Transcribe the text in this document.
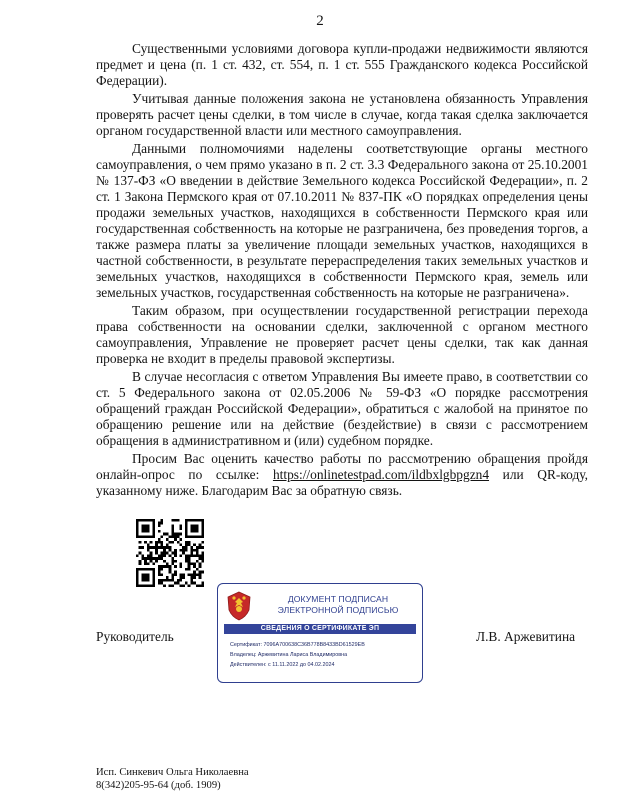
2

Существенными условиями договора купли-продажи недвижимости являются предмет и цена (п. 1 ст. 432, ст. 554, п. 1 ст. 555 Гражданского кодекса Российской Федерации).

Учитывая данные положения закона не установлена обязанность Управления проверять расчет цены сделки, в том числе в случае, когда такая сделка заключается органом государственной власти или местного самоуправления.

Данными полномочиями наделены соответствующие органы местного самоуправления, о чем прямо указано в п. 2 ст. 3.3 Федерального закона от 25.10.2001 № 137-ФЗ «О введении в действие Земельного кодекса Российской Федерации», п. 2 ст. 1 Закона Пермского края от 07.10.2011 № 837-ПК «О порядках определения цены продажи земельных участков, находящихся в собственности Пермского края или государственная собственность на которые не разграничена, без проведения торгов, а также размера платы за увеличение площади земельных участков, находящихся в частной собственности, в результате перераспределения таких земельных участков и земельных участков, находящихся в собственности Пермского края, земель или земельных участков, государственная собственность на которые не разграничена».

Таким образом, при осуществлении государственной регистрации перехода права собственности на основании сделки, заключенной с органом местного самоуправления, Управление не проверяет расчет цены сделки, так как данная проверка не входит в пределы правовой экспертизы.

В случае несогласия с ответом Управления Вы имеете право, в соответствии со ст. 5 Федерального закона от 02.05.2006 № 59-ФЗ «О порядке рассмотрения обращений граждан Российской Федерации», обратиться с жалобой на принятое по обращению решение или на действие (бездействие) в связи с рассмотрением обращения в административном и (или) судебном порядке.

Просим Вас оценить качество работы по рассмотрению обращения пройдя онлайн-опрос по ссылке: https://onlinetestpad.com/ildbxlgbpgzn4 или QR-коду, указанному ниже. Благодарим Вас за обратную связь.

ДОКУМЕНТ ПОДПИСАН
ЭЛЕКТРОННОЙ ПОДПИСЬЮ
СВЕДЕНИЯ О СЕРТИФИКАТЕ ЭП
Сертификат: 7096A700638C36B778B8433BD61529EB
Владелец: Аржевитина Лариса Владимировна
Действителен: с 11.11.2022 до 04.02.2024
Руководитель	Л.В. Аржевитина
Исп. Синкевич Ольга Николаевна
8(342)205-95-64 (доб. 1909)
